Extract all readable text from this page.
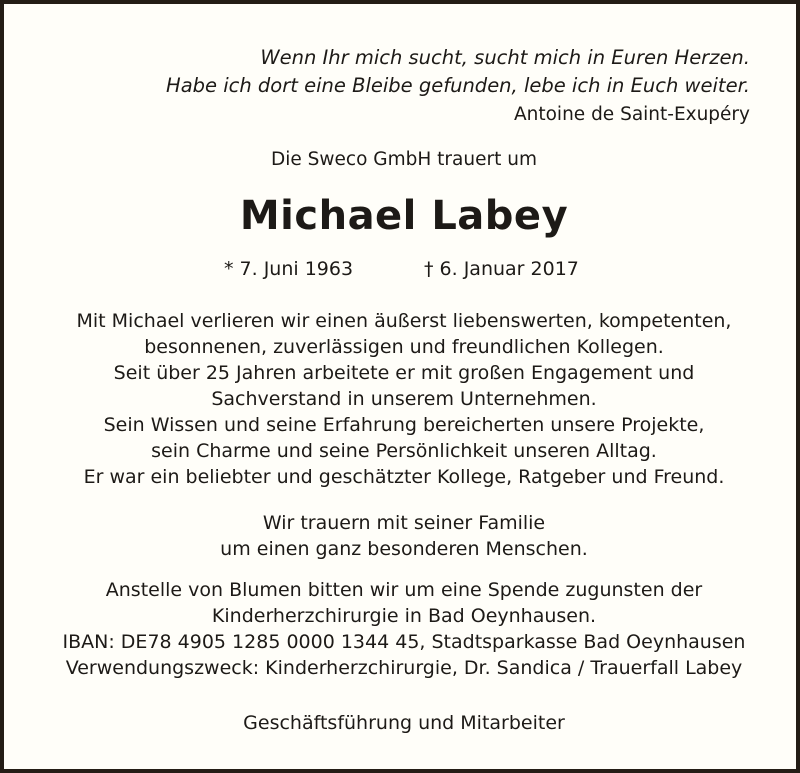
Wenn Ihr mich sucht, sucht mich in Euren Herzen.
Habe ich dort eine Bleibe gefunden, lebe ich in Euch weiter.
Antoine de Saint-Exupéry
Die Sweco GmbH trauert um
Michael Labey
* 7. Juni 1963	† 6. Januar 2017
Mit Michael verlieren wir einen äußerst liebenswerten, kompetenten,
besonnenen, zuverlässigen und freundlichen Kollegen.
Seit über 25 Jahren arbeitete er mit großen Engagement und
Sachverstand in unserem Unternehmen.
Sein Wissen und seine Erfahrung bereicherten unsere Projekte,
sein Charme und seine Persönlichkeit unseren Alltag.
Er war ein beliebter und geschätzter Kollege, Ratgeber und Freund.
Wir trauern mit seiner Familie
um einen ganz besonderen Menschen.
Anstelle von Blumen bitten wir um eine Spende zugunsten der
Kinderherzchirurgie in Bad Oeynhausen.
IBAN: DE78 4905 1285 0000 1344 45, Stadtsparkasse Bad Oeynhausen
Verwendungszweck: Kinderherzchirurgie, Dr. Sandica / Trauerfall Labey
Geschäftsführung und Mitarbeiter
